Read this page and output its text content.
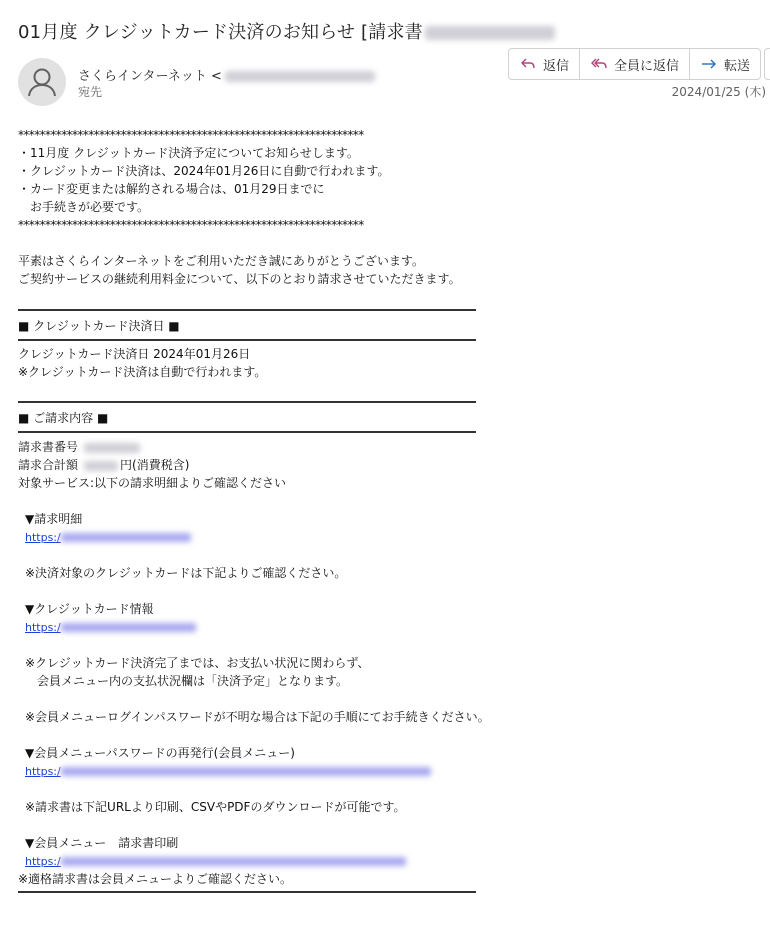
01月度 クレジットカード決済のお知らせ [請求書
さくらインターネット <
宛先
返信	全員に返信	転送
2024/01/25 (木)
****************************************************************
・11月度 クレジットカード決済予定についてお知らせします。
・クレジットカード決済は、2024年01月26日に自動で行われます。
・カード変更または解約される場合は、01月29日までに
　お手続きが必要です。
****************************************************************
平素はさくらインターネットをご利用いただき誠にありがとうございます。
ご契約サービスの継続利用料金について、以下のとおり請求させていただきます。
■ クレジットカード決済日 ■
クレジットカード決済日 2024年01月26日
※クレジットカード決済は自動で行われます。
■ ご請求内容 ■
請求書番号
請求合計額	円(消費税含)
対象サービス:以下の請求明細よりご確認ください
▼請求明細
https:/
※決済対象のクレジットカードは下記よりご確認ください。
▼クレジットカード情報
https:/
※クレジットカード決済完了までは、お支払い状況に関わらず、
　会員メニュー内の支払状況欄は「決済予定」となります。
※会員メニューログインパスワードが不明な場合は下記の手順にてお手続きください。
▼会員メニューパスワードの再発行(会員メニュー)
https:/
※請求書は下記URLより印刷、CSVやPDFのダウンロードが可能です。
▼会員メニュー　請求書印刷
https:/
※適格請求書は会員メニューよりご確認ください。
